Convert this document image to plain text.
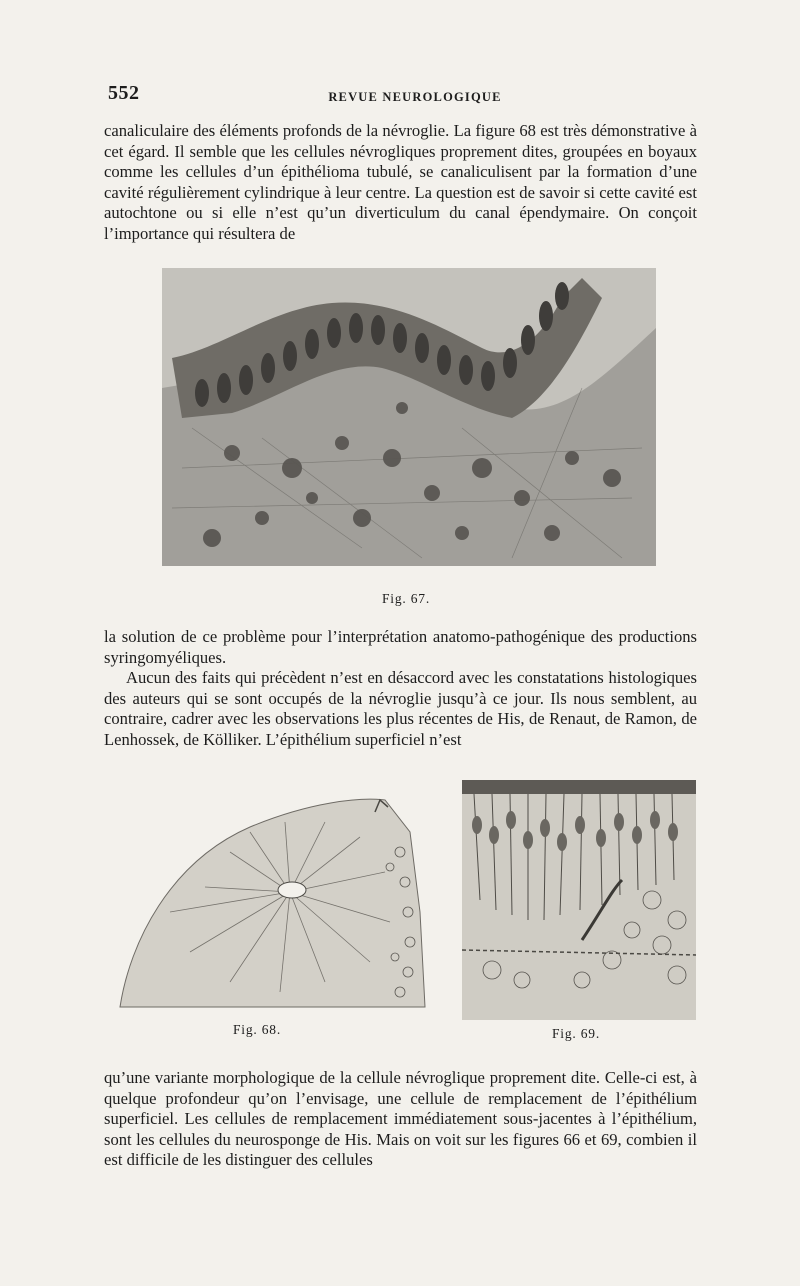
552	REVUE NEUROLOGIQUE

canaliculaire des éléments profonds de la névroglie. La figure 68 est très démonstrative à cet égard. Il semble que les cellules névrogliques proprement dites, groupées en boyaux comme les cellules d’un épithélioma tubulé, se canaliculisent par la formation d’une cavité régulièrement cylindrique à leur centre. La question est de savoir si cette cavité est autochtone ou si elle n’est qu’un diverticulum du canal épendymaire. On conçoit l’importance qui résultera de

Fig. 67.

la solution de ce problème pour l’interprétation anatomo-pathogénique des productions syringomyéliques.

Aucun des faits qui précèdent n’est en désaccord avec les constatations histologiques des auteurs qui se sont occupés de la névroglie jusqu’à ce jour. Ils nous semblent, au contraire, cadrer avec les observations les plus récentes de His, de Renaut, de Ramon, de Lenhossek, de Kölliker. L’épithélium superficiel n’est

Fig. 68.	Fig. 69.

qu’une variante morphologique de la cellule névroglique proprement dite. Celle-ci est, à quelque profondeur qu’on l’envisage, une cellule de remplacement de l’épithélium superficiel. Les cellules de remplacement immédiatement sous-jacentes à l’épithélium, sont les cellules du neurosponge de His. Mais on voit sur les figures 66 et 69, combien il est difficile de les distinguer des cellules
